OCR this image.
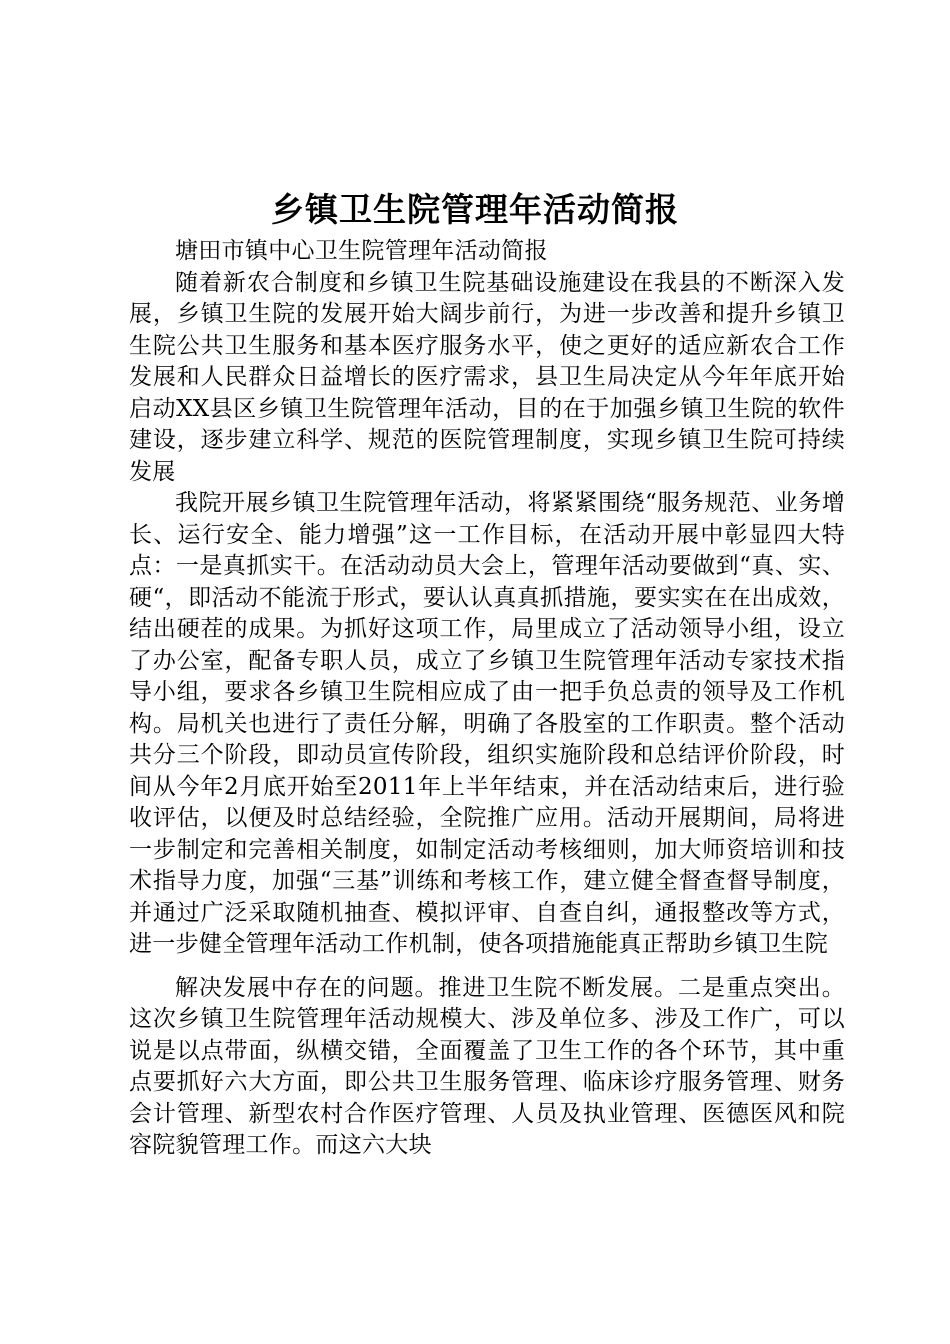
乡镇卫生院管理年活动简报

塘田市镇中心卫生院管理年活动简报

随着新农合制度和乡镇卫生院基础设施建设在我县的不断深入发展，乡镇卫生院的发展开始大阔步前行，为进一步改善和提升乡镇卫生院公共卫生服务和基本医疗服务水平，使之更好的适应新农合工作发展和人民群众日益增长的医疗需求，县卫生局决定从今年年底开始启动XX县区乡镇卫生院管理年活动，目的在于加强乡镇卫生院的软件建设，逐步建立科学、规范的医院管理制度，实现乡镇卫生院可持续发展

我院开展乡镇卫生院管理年活动，将紧紧围绕“服务规范、业务增长、运行安全、能力增强”这一工作目标，在活动开展中彰显四大特点：一是真抓实干。在活动动员大会上，管理年活动要做到“真、实、硬“，即活动不能流于形式，要认认真真抓措施，要实实在在出成效，结出硬茬的成果。为抓好这项工作，局里成立了活动领导小组，设立了办公室，配备专职人员，成立了乡镇卫生院管理年活动专家技术指导小组，要求各乡镇卫生院相应成了由一把手负总责的领导及工作机构。局机关也进行了责任分解，明确了各股室的工作职责。整个活动共分三个阶段，即动员宣传阶段，组织实施阶段和总结评价阶段，时间从今年2月底开始至2011年上半年结束，并在活动结束后，进行验收评估，以便及时总结经验，全院推广应用。活动开展期间，局将进一步制定和完善相关制度，如制定活动考核细则，加大师资培训和技术指导力度，加强“三基”训练和考核工作，建立健全督查督导制度，并通过广泛采取随机抽查、模拟评审、自查自纠，通报整改等方式，进一步健全管理年活动工作机制，使各项措施能真正帮助乡镇卫生院

解决发展中存在的问题。推进卫生院不断发展。二是重点突出。这次乡镇卫生院管理年活动规模大、涉及单位多、涉及工作广，可以说是以点带面，纵横交错，全面覆盖了卫生工作的各个环节，其中重点要抓好六大方面，即公共卫生服务管理、临床诊疗服务管理、财务会计管理、新型农村合作医疗管理、人员及执业管理、医德医风和院容院貌管理工作。而这六大块
